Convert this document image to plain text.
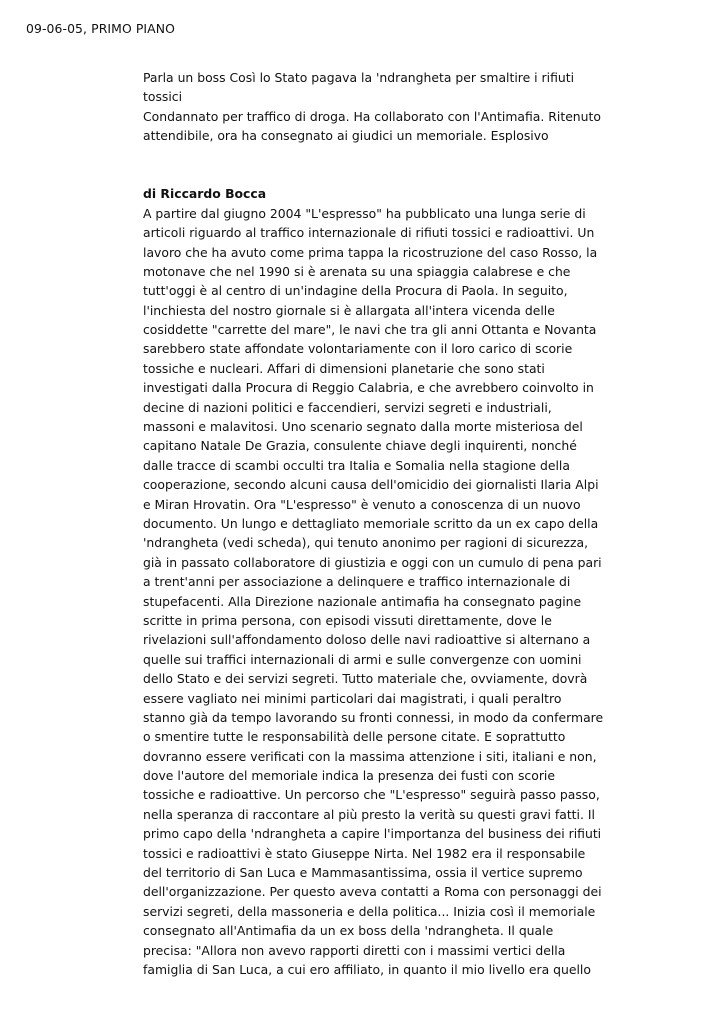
09-06-05, PRIMO PIANO
Parla un boss Così lo Stato pagava la 'ndrangheta per smaltire i rifiuti
tossici
Condannato per traffico di droga. Ha collaborato con l'Antimafia. Ritenuto
attendibile, ora ha consegnato ai giudici un memoriale. Esplosivo
di Riccardo Bocca
A partire dal giugno 2004 "L'espresso" ha pubblicato una lunga serie di
articoli riguardo al traffico internazionale di rifiuti tossici e radioattivi. Un
lavoro che ha avuto come prima tappa la ricostruzione del caso Rosso, la
motonave che nel 1990 si è arenata su una spiaggia calabrese e che
tutt'oggi è al centro di un'indagine della Procura di Paola. In seguito,
l'inchiesta del nostro giornale si è allargata all'intera vicenda delle
cosiddette "carrette del mare", le navi che tra gli anni Ottanta e Novanta
sarebbero state affondate volontariamente con il loro carico di scorie
tossiche e nucleari. Affari di dimensioni planetarie che sono stati
investigati dalla Procura di Reggio Calabria, e che avrebbero coinvolto in
decine di nazioni politici e faccendieri, servizi segreti e industriali,
massoni e malavitosi. Uno scenario segnato dalla morte misteriosa del
capitano Natale De Grazia, consulente chiave degli inquirenti, nonché
dalle tracce di scambi occulti tra Italia e Somalia nella stagione della
cooperazione, secondo alcuni causa dell'omicidio dei giornalisti Ilaria Alpi
e Miran Hrovatin. Ora "L'espresso" è venuto a conoscenza di un nuovo
documento. Un lungo e dettagliato memoriale scritto da un ex capo della
'ndrangheta (vedi scheda), qui tenuto anonimo per ragioni di sicurezza,
già in passato collaboratore di giustizia e oggi con un cumulo di pena pari
a trent'anni per associazione a delinquere e traffico internazionale di
stupefacenti. Alla Direzione nazionale antimafia ha consegnato pagine
scritte in prima persona, con episodi vissuti direttamente, dove le
rivelazioni sull'affondamento doloso delle navi radioattive si alternano a
quelle sui traffici internazionali di armi e sulle convergenze con uomini
dello Stato e dei servizi segreti. Tutto materiale che, ovviamente, dovrà
essere vagliato nei minimi particolari dai magistrati, i quali peraltro
stanno già da tempo lavorando su fronti connessi, in modo da confermare
o smentire tutte le responsabilità delle persone citate. E soprattutto
dovranno essere verificati con la massima attenzione i siti, italiani e non,
dove l'autore del memoriale indica la presenza dei fusti con scorie
tossiche e radioattive. Un percorso che "L'espresso" seguirà passo passo,
nella speranza di raccontare al più presto la verità su questi gravi fatti. Il
primo capo della 'ndrangheta a capire l'importanza del business dei rifiuti
tossici e radioattivi è stato Giuseppe Nirta. Nel 1982 era il responsabile
del territorio di San Luca e Mammasantissima, ossia il vertice supremo
dell'organizzazione. Per questo aveva contatti a Roma con personaggi dei
servizi segreti, della massoneria e della politica... Inizia così il memoriale
consegnato all'Antimafia da un ex boss della 'ndrangheta. Il quale
precisa: "Allora non avevo rapporti diretti con i massimi vertici della
famiglia di San Luca, a cui ero affiliato, in quanto il mio livello era quello
